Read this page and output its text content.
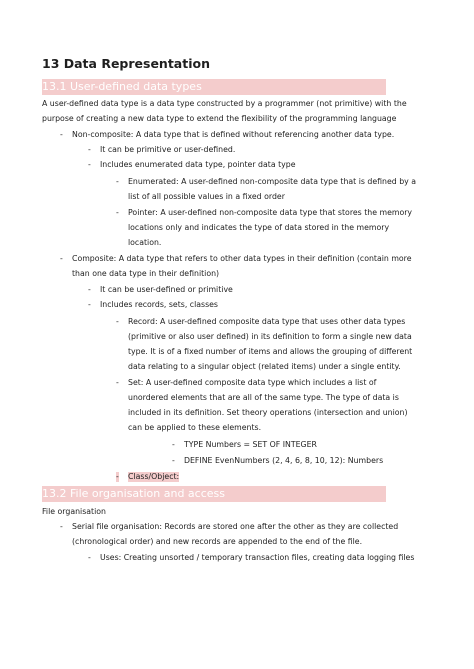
13 Data Representation
13.1 User-defined data types
A user-defined data type is a data type constructed by a programmer (not primitive) with the
purpose of creating a new data type to extend the flexibility of the programming language
- Non-composite: A data type that is defined without referencing another data type.
- It can be primitive or user-defined.
- Includes enumerated data type, pointer data type
- Enumerated: A user-defined non-composite data type that is defined by a
list of all possible values in a fixed order
- Pointer: A user-defined non-composite data type that stores the memory
locations only and indicates the type of data stored in the memory
location.
- Composite: A data type that refers to other data types in their definition (contain more
than one data type in their definition)
- It can be user-defined or primitive
- Includes records, sets, classes
- Record: A user-defined composite data type that uses other data types
(primitive or also user defined) in its definition to form a single new data
type. It is of a fixed number of items and allows the grouping of different
data relating to a singular object (related items) under a single entity.
- Set: A user-defined composite data type which includes a list of
unordered elements that are all of the same type. The type of data is
included in its definition. Set theory operations (intersection and union)
can be applied to these elements.
- TYPE Numbers = SET OF INTEGER
- DEFINE EvenNumbers (2, 4, 6, 8, 10, 12): Numbers
- Class/Object:
13.2 File organisation and access
File organisation
- Serial file organisation: Records are stored one after the other as they are collected
(chronological order) and new records are appended to the end of the file.
- Uses: Creating unsorted / temporary transaction files, creating data logging files
